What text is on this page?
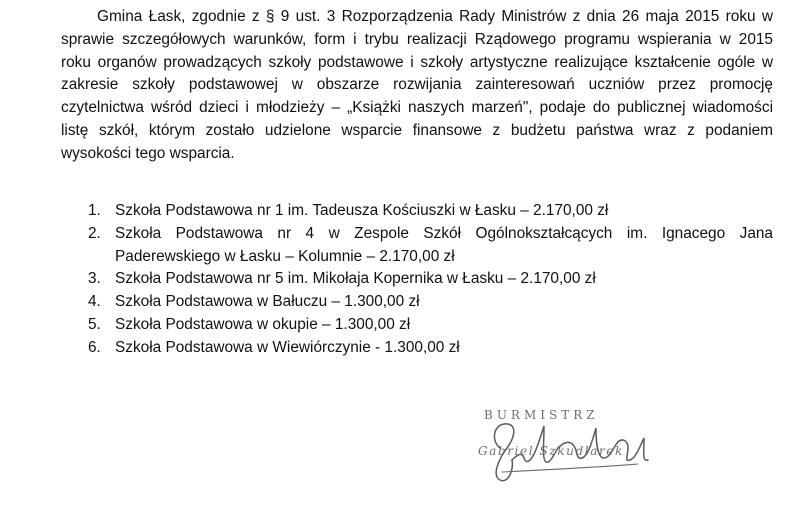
Gmina Łask, zgodnie z § 9 ust. 3 Rozporządzenia Rady Ministrów z dnia 26 maja 2015 roku w
sprawie szczegółowych warunków, form i trybu realizacji Rządowego programu wspierania w 2015
roku organów prowadzących szkoły podstawowe i szkoły artystyczne realizujące kształcenie ogóle w
zakresie szkoły podstawowej w obszarze rozwijania zainteresowań uczniów przez promocję
czytelnictwa wśród dzieci i młodzieży – „Książki naszych marzeń", podaje do publicznej wiadomości
listę szkół, którym zostało udzielone wsparcie finansowe z budżetu państwa wraz z podaniem
wysokości tego wsparcia.

1. Szkoła Podstawowa nr 1 im. Tadeusza Kościuszki w Łasku – 2.170,00 zł
2. Szkoła Podstawowa nr 4 w Zespole Szkół Ogólnokształcących im. Ignacego Jana Paderewskiego w Łasku – Kolumnie – 2.170,00 zł
3. Szkoła Podstawowa nr 5 im. Mikołaja Kopernika w Łasku – 2.170,00 zł
4. Szkoła Podstawowa w Bałuczu – 1.300,00 zł
5. Szkoła Podstawowa w okupie – 1.300,00 zł
6. Szkoła Podstawowa w Wiewiórczynie - 1.300,00 zł
BURMISTRZ
Gabriel Szkudlarek
